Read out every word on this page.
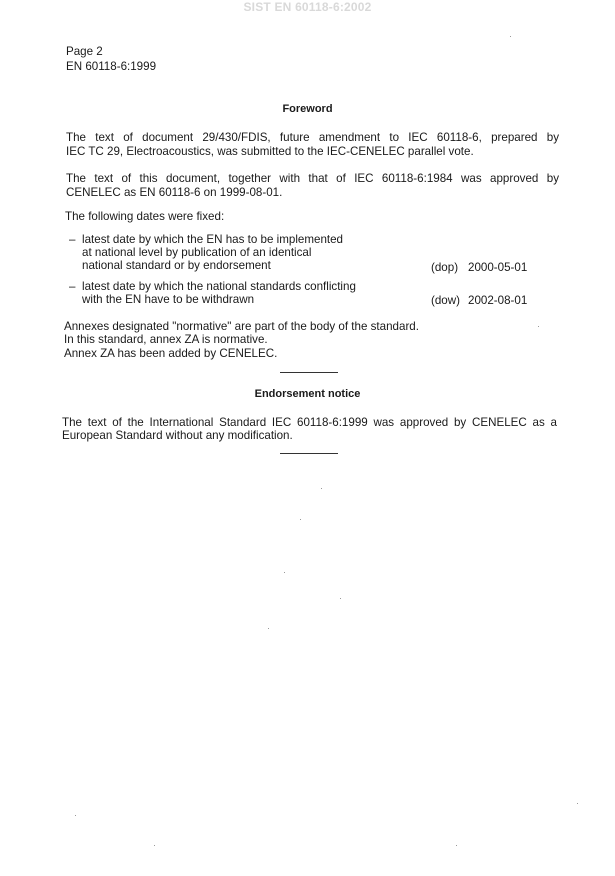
SIST EN 60118-6:2002
Page 2
EN 60118-6:1999
Foreword
The text of document 29/430/FDIS, future amendment to IEC 60118-6, prepared by
IEC TC 29, Electroacoustics, was submitted to the IEC-CENELEC parallel vote.
The text of this document, together with that of IEC 60118-6:1984 was approved by
CENELEC as EN 60118-6 on 1999-08-01.
The following dates were fixed:
– latest date by which the EN has to be implemented
at national level by publication of an identical
national standard or by endorsement	(dop) 2000-05-01
– latest date by which the national standards conflicting
with the EN have to be withdrawn	(dow) 2002-08-01
Annexes designated "normative" are part of the body of the standard.
In this standard, annex ZA is normative.
Annex ZA has been added by CENELEC.
Endorsement notice
The text of the International Standard IEC 60118-6:1999 was approved by CENELEC as a
European Standard without any modification.
